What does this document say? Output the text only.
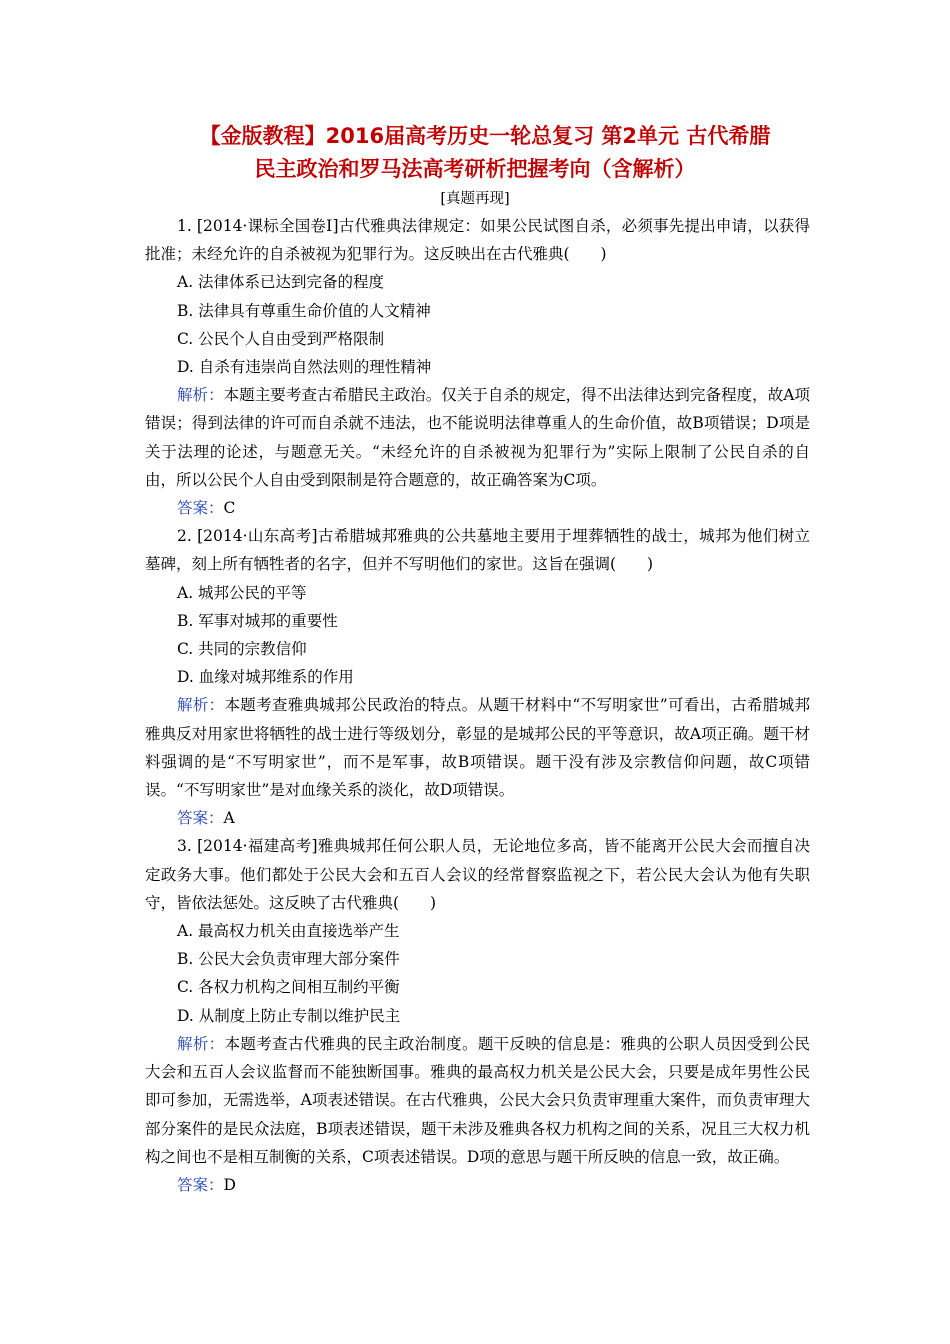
【金版教程】2016届高考历史一轮总复习 第2单元 古代希腊
民主政治和罗马法高考研析把握考向（含解析）
[真题再现]

1. [2014·课标全国卷Ⅰ]古代雅典法律规定：如果公民试图自杀，必须事先提出申请，以获得批准；未经允许的自杀被视为犯罪行为。这反映出在古代雅典(　　)

A. 法律体系已达到完备的程度

B. 法律具有尊重生命价值的人文精神

C. 公民个人自由受到严格限制

D. 自杀有违崇尚自然法则的理性精神

解析：本题主要考查古希腊民主政治。仅关于自杀的规定，得不出法律达到完备程度，故A项错误；得到法律的许可而自杀就不违法，也不能说明法律尊重人的生命价值，故B项错误；D项是关于法理的论述，与题意无关。“未经允许的自杀被视为犯罪行为”实际上限制了公民自杀的自由，所以公民个人自由受到限制是符合题意的，故正确答案为C项。

答案：C

2. [2014·山东高考]古希腊城邦雅典的公共墓地主要用于埋葬牺牲的战士，城邦为他们树立墓碑，刻上所有牺牲者的名字，但并不写明他们的家世。这旨在强调(　　)

A. 城邦公民的平等

B. 军事对城邦的重要性

C. 共同的宗教信仰

D. 血缘对城邦维系的作用

解析：本题考查雅典城邦公民政治的特点。从题干材料中“不写明家世”可看出，古希腊城邦雅典反对用家世将牺牲的战士进行等级划分，彰显的是城邦公民的平等意识，故A项正确。题干材料强调的是“不写明家世”，而不是军事，故B项错误。题干没有涉及宗教信仰问题，故C项错误。“不写明家世”是对血缘关系的淡化，故D项错误。

答案：A

3. [2014·福建高考]雅典城邦任何公职人员，无论地位多高，皆不能离开公民大会而擅自决定政务大事。他们都处于公民大会和五百人会议的经常督察监视之下，若公民大会认为他有失职守，皆依法惩处。这反映了古代雅典(　　)

A. 最高权力机关由直接选举产生

B. 公民大会负责审理大部分案件

C. 各权力机构之间相互制约平衡

D. 从制度上防止专制以维护民主

解析：本题考查古代雅典的民主政治制度。题干反映的信息是：雅典的公职人员因受到公民大会和五百人会议监督而不能独断国事。雅典的最高权力机关是公民大会，只要是成年男性公民即可参加，无需选举，A项表述错误。在古代雅典，公民大会只负责审理重大案件，而负责审理大部分案件的是民众法庭，B项表述错误，题干未涉及雅典各权力机构之间的关系，况且三大权力机构之间也不是相互制衡的关系，C项表述错误。D项的意思与题干所反映的信息一致，故正确。

答案：D
